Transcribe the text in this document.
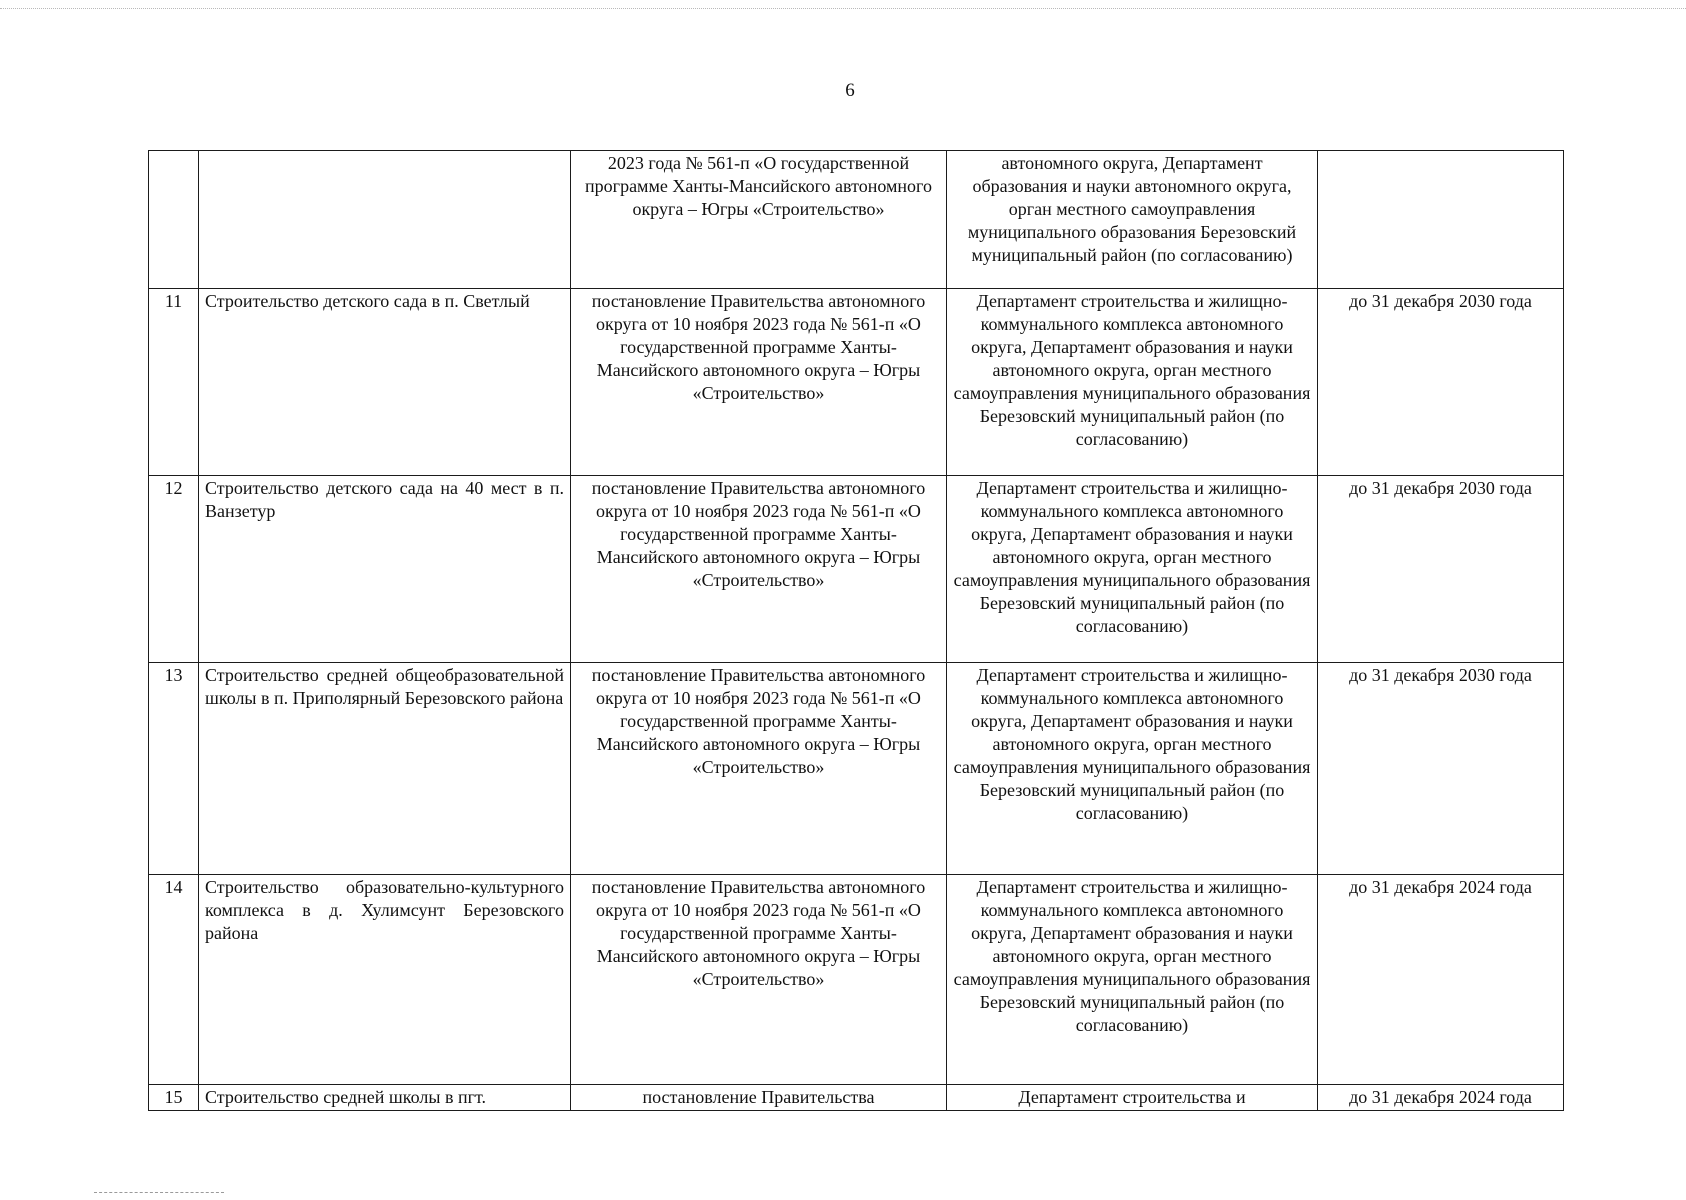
6
		2023 года № 561-п «О государственной программе Ханты-Мансийского автономного округа – Югры «Строительство»	автономного округа, Департамент образования и науки автономного округа, орган местного самоуправления муниципального образования Березовский муниципальный район (по согласованию)	
11	Строительство детского сада в п. Светлый	постановление Правительства автономного округа от 10 ноября 2023 года № 561-п «О государственной программе Ханты-Мансийского автономного округа – Югры «Строительство»	Департамент строительства и жилищно-коммунального комплекса автономного округа, Департамент образования и науки автономного округа, орган местного самоуправления муниципального образования Березовский муниципальный район (по согласованию)	до 31 декабря 2030 года
12	Строительство детского сада на 40 мест в п. Ванзетур	постановление Правительства автономного округа от 10 ноября 2023 года № 561-п «О государственной программе Ханты-Мансийского автономного округа – Югры «Строительство»	Департамент строительства и жилищно-коммунального комплекса автономного округа, Департамент образования и науки автономного округа, орган местного самоуправления муниципального образования Березовский муниципальный район (по согласованию)	до 31 декабря 2030 года
13	Строительство средней общеобразовательной школы в п. Приполярный Березовского района	постановление Правительства автономного округа от 10 ноября 2023 года № 561-п «О государственной программе Ханты-Мансийского автономного округа – Югры «Строительство»	Департамент строительства и жилищно-коммунального комплекса автономного округа, Департамент образования и науки автономного округа, орган местного самоуправления муниципального образования Березовский муниципальный район (по согласованию)	до 31 декабря 2030 года
14	Строительство образовательно-культурного комплекса в д. Хулимсунт Березовского района	постановление Правительства автономного округа от 10 ноября 2023 года № 561-п «О государственной программе Ханты-Мансийского автономного округа – Югры «Строительство»	Департамент строительства и жилищно-коммунального комплекса автономного округа, Департамент образования и науки автономного округа, орган местного самоуправления муниципального образования Березовский муниципальный район (по согласованию)	до 31 декабря 2024 года
15	Строительство средней школы в пгт.	постановление Правительства	Департамент строительства и	до 31 декабря 2024 года
